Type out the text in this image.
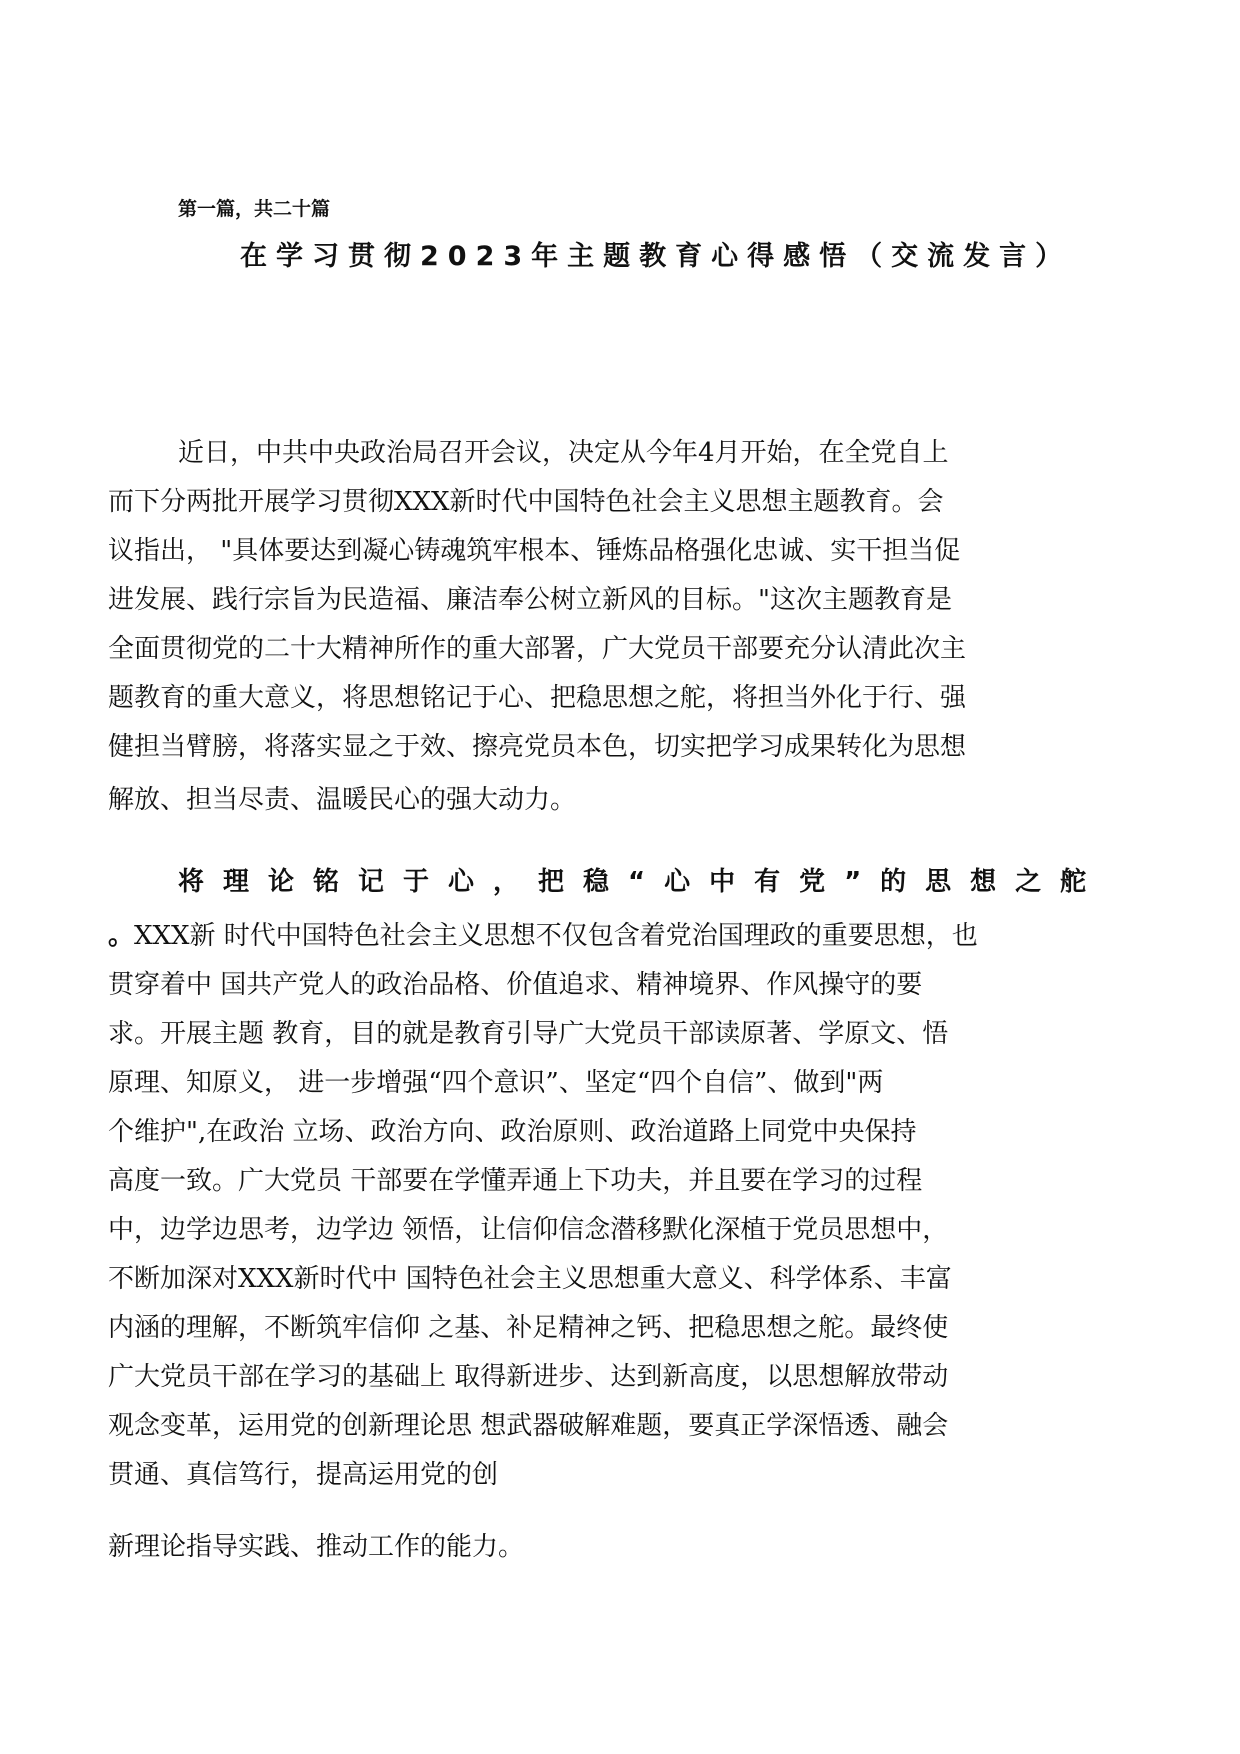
第一篇，共二十篇
在学习贯彻2023年主题教育心得感悟（交流发言）
近日，中共中央政治局召开会议，决定从今年4月开始，在全党自上
而下分两批开展学习贯彻XXX新时代中国特色社会主义思想主题教育。会
议指出， "具体要达到凝心铸魂筑牢根本、锤炼品格强化忠诚、实干担当促
进发展、践行宗旨为民造福、廉洁奉公树立新风的目标。"这次主题教育是
全面贯彻党的二十大精神所作的重大部署，广大党员干部要充分认清此次主
题教育的重大意义，将思想铭记于心、把稳思想之舵，将担当外化于行、强
健担当臂膀，将落实显之于效、擦亮党员本色，切实把学习成果转化为思想
解放、担当尽责、温暖民心的强大动力。
将理论铭记于心，把稳“心中有党”的思想之舵
。XXX新 时代中国特色社会主义思想不仅包含着党治国理政的重要思想，也
贯穿着中 国共产党人的政治品格、价值追求、精神境界、作风操守的要
求。开展主题 教育，目的就是教育引导广大党员干部读原著、学原文、悟
原理、知原义， 进一步增强“四个意识”、坚定“四个自信”、做到"两
个维护",在政治 立场、政治方向、政治原则、政治道路上同党中央保持
高度一致。广大党员 干部要在学懂弄通上下功夫，并且要在学习的过程
中，边学边思考，边学边 领悟，让信仰信念潜移默化深植于党员思想中，
不断加深对XXX新时代中 国特色社会主义思想重大意义、科学体系、丰富
内涵的理解，不断筑牢信仰 之基、补足精神之钙、把稳思想之舵。最终使
广大党员干部在学习的基础上 取得新进步、达到新高度，以思想解放带动
观念变革，运用党的创新理论思 想武器破解难题，要真正学深悟透、融会
贯通、真信笃行，提高运用党的创
新理论指导实践、推动工作的能力。
